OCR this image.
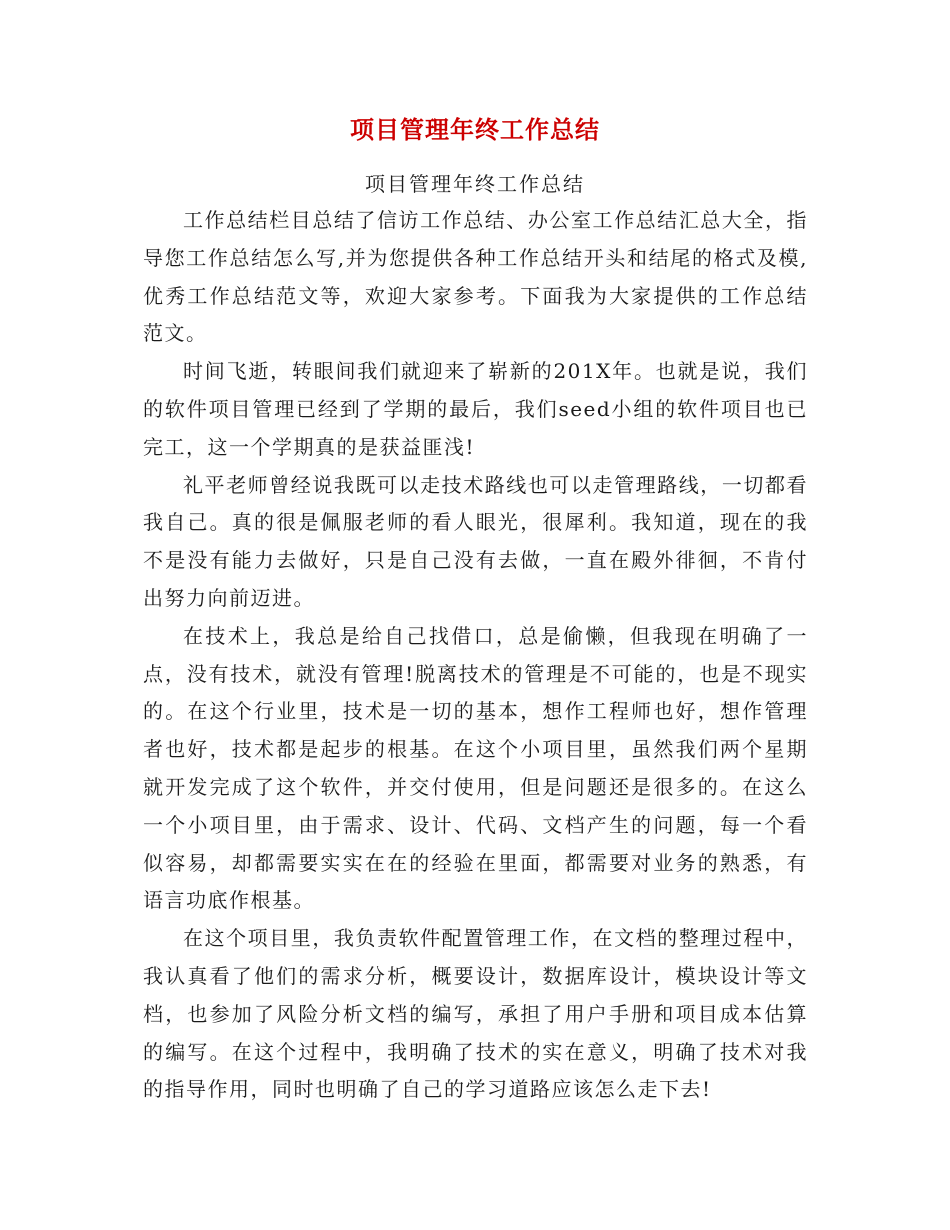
项目管理年终工作总结
项目管理年终工作总结

工作总结栏目总结了信访工作总结、办公室工作总结汇总大全，指导您工作总结怎么写,并为您提供各种工作总结开头和结尾的格式及模,优秀工作总结范文等，欢迎大家参考。下面我为大家提供的工作总结范文。

时间飞逝，转眼间我们就迎来了崭新的201X年。也就是说，我们的软件项目管理已经到了学期的最后，我们seed小组的软件项目也已完工，这一个学期真的是获益匪浅!

礼平老师曾经说我既可以走技术路线也可以走管理路线，一切都看我自己。真的很是佩服老师的看人眼光，很犀利。我知道，现在的我不是没有能力去做好，只是自己没有去做，一直在殿外徘徊，不肯付出努力向前迈进。

在技术上，我总是给自己找借口，总是偷懒，但我现在明确了一点，没有技术，就没有管理!脱离技术的管理是不可能的，也是不现实的。在这个行业里，技术是一切的基本，想作工程师也好，想作管理者也好，技术都是起步的根基。在这个小项目里，虽然我们两个星期就开发完成了这个软件，并交付使用，但是问题还是很多的。在这么一个小项目里，由于需求、设计、代码、文档产生的问题，每一个看似容易，却都需要实实在在的经验在里面，都需要对业务的熟悉，有语言功底作根基。

在这个项目里，我负责软件配置管理工作，在文档的整理过程中，我认真看了他们的需求分析，概要设计，数据库设计，模块设计等文档，也参加了风险分析文档的编写，承担了用户手册和项目成本估算的编写。在这个过程中，我明确了技术的实在意义，明确了技术对我的指导作用，同时也明确了自己的学习道路应该怎么走下去!
